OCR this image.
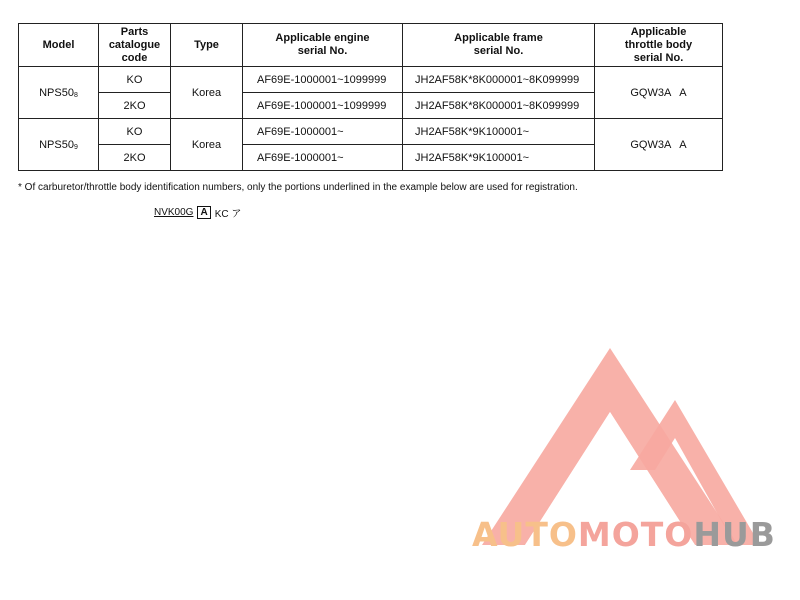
Model	Parts
catalogue
code	Type	Applicable engine
serial No.	Applicable frame
serial No.	Applicable
throttle body
serial No.
NPS508	KO	Korea	AF69E-1000001~1099999	JH2AF58K*8K000001~8K099999	GQW3A   A
	2KO		AF69E-1000001~1099999	JH2AF58K*8K000001~8K099999	
NPS509	KO	Korea	AF69E-1000001~	JH2AF58K*9K100001~	GQW3A   A
	2KO		AF69E-1000001~	JH2AF58K*9K100001~	
* Of carburetor/throttle body identification numbers, only the portions underlined in the example below are used for registration.
NVK00G A KC ア
AUTOMOTOHUB
